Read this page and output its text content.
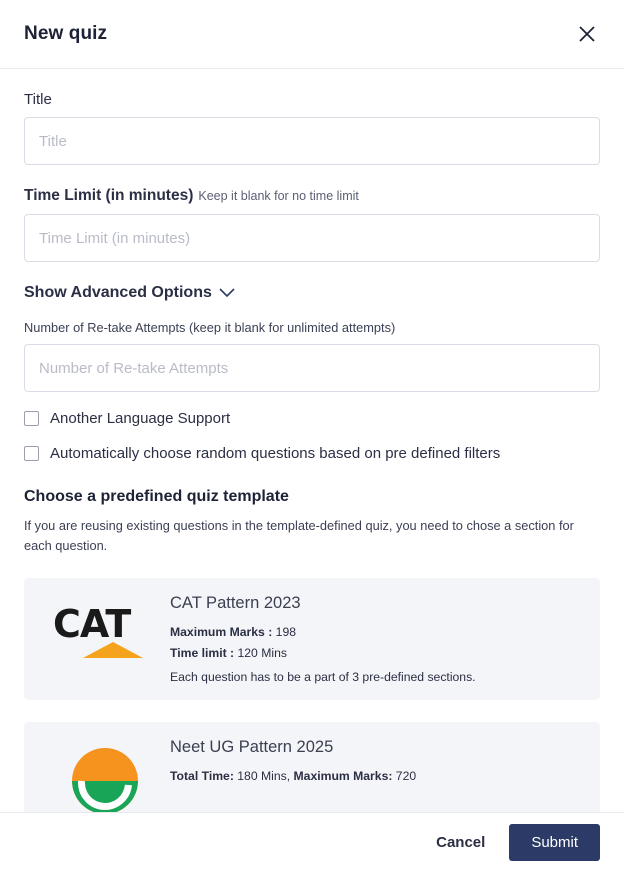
New quiz
Title
Title
Time Limit (in minutes) Keep it blank for no time limit
Time Limit (in minutes)
Show Advanced Options
Number of Re-take Attempts (keep it blank for unlimited attempts)
Number of Re-take Attempts
Another Language Support
Automatically choose random questions based on pre defined filters
Choose a predefined quiz template
If you are reusing existing questions in the template-defined quiz, you need to chose a section for each question.
CAT	CAT Pattern 2023
Maximum Marks : 198
Time limit : 120 Mins
Each question has to be a part of 3 pre-defined sections.
Neet UG Pattern 2025
Total Time: 180 Mins, Maximum Marks: 720
Cancel	Submit
